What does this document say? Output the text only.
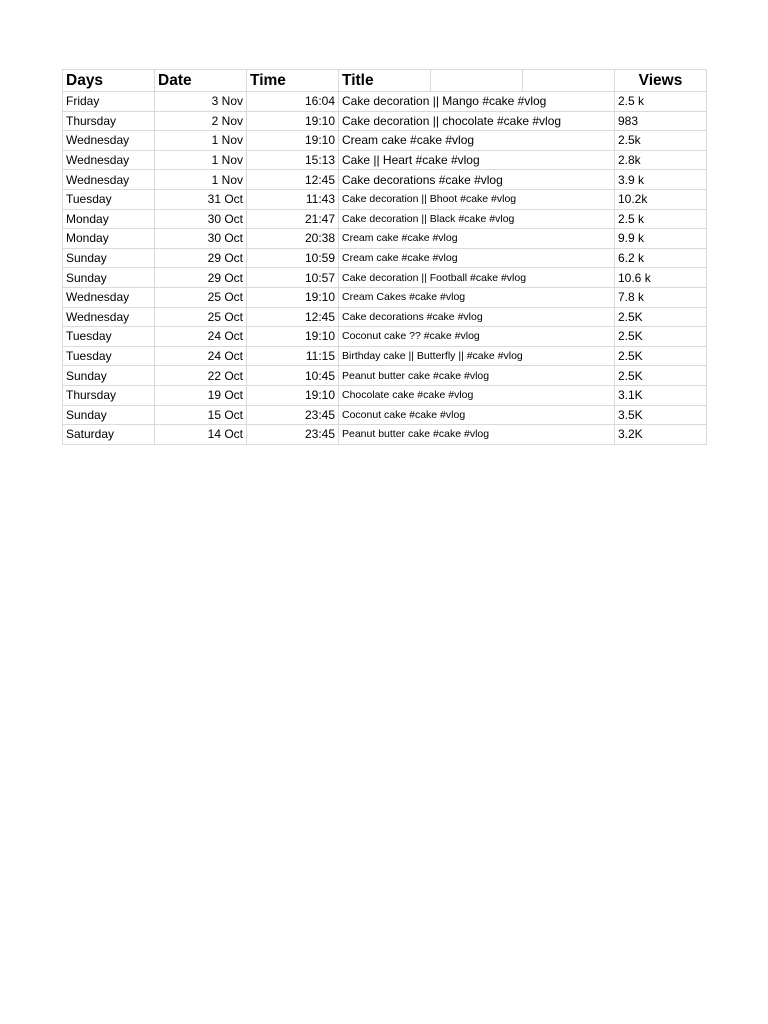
Days	Date	Time	Title			Views
Friday	3 Nov	16:04	Cake decoration || Mango #cake #vlog			2.5 k
Thursday	2 Nov	19:10	Cake decoration || chocolate #cake #vlog			983
Wednesday	1 Nov	19:10	Cream cake #cake #vlog			2.5k
Wednesday	1 Nov	15:13	Cake || Heart #cake #vlog			2.8k
Wednesday	1 Nov	12:45	Cake decorations #cake #vlog			3.9 k
Tuesday	31 Oct	11:43	Cake decoration || Bhoot #cake #vlog			10.2k
Monday	30 Oct	21:47	Cake decoration || Black #cake #vlog			2.5 k
Monday	30 Oct	20:38	Cream cake #cake #vlog			9.9 k
Sunday	29 Oct	10:59	Cream cake #cake #vlog			6.2 k
Sunday	29 Oct	10:57	Cake decoration || Football #cake #vlog			10.6 k
Wednesday	25 Oct	19:10	Cream Cakes #cake #vlog			7.8 k
Wednesday	25 Oct	12:45	Cake decorations #cake #vlog			2.5K
Tuesday	24 Oct	19:10	Coconut cake ?? #cake #vlog			2.5K
Tuesday	24 Oct	11:15	Birthday cake || Butterfly || #cake #vlog			2.5K
Sunday	22 Oct	10:45	Peanut butter cake #cake #vlog			2.5K
Thursday	19 Oct	19:10	Chocolate cake #cake #vlog			3.1K
Sunday	15 Oct	23:45	Coconut cake #cake #vlog			3.5K
Saturday	14 Oct	23:45	Peanut butter cake #cake #vlog			3.2K
